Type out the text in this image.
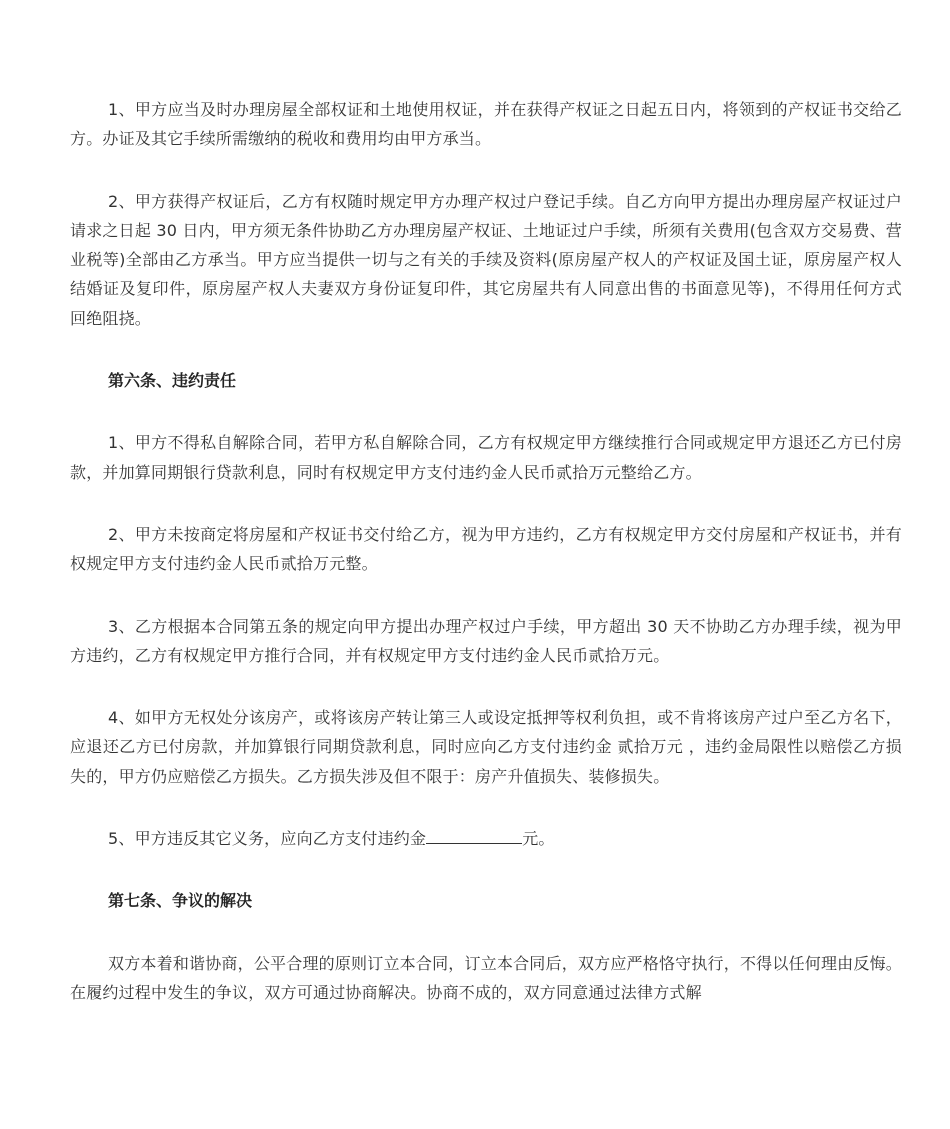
1、甲方应当及时办理房屋全部权证和土地使用权证，并在获得产权证之日起五日内，将领到的产权证书交给乙方。办证及其它手续所需缴纳的税收和费用均由甲方承当。

2、甲方获得产权证后，乙方有权随时规定甲方办理产权过户登记手续。自乙方向甲方提出办理房屋产权证过户请求之日起 30 日内，甲方须无条件协助乙方办理房屋产权证、土地证过户手续，所须有关费用(包含双方交易费、营业税等)全部由乙方承当。甲方应当提供一切与之有关的手续及资料(原房屋产权人的产权证及国土证，原房屋产权人结婚证及复印件，原房屋产权人夫妻双方身份证复印件，其它房屋共有人同意出售的书面意见等)，不得用任何方式回绝阻挠。

第六条、违约责任

1、甲方不得私自解除合同，若甲方私自解除合同，乙方有权规定甲方继续推行合同或规定甲方退还乙方已付房款，并加算同期银行贷款利息，同时有权规定甲方支付违约金人民币贰拾万元整给乙方。

2、甲方未按商定将房屋和产权证书交付给乙方，视为甲方违约，乙方有权规定甲方交付房屋和产权证书，并有权规定甲方支付违约金人民币贰拾万元整。

3、乙方根据本合同第五条的规定向甲方提出办理产权过户手续，甲方超出 30 天不协助乙方办理手续，视为甲方违约，乙方有权规定甲方推行合同，并有权规定甲方支付违约金人民币贰拾万元。

4、如甲方无权处分该房产，或将该房产转让第三人或设定抵押等权利负担，或不肯将该房产过户至乙方名下，应退还乙方已付房款，并加算银行同期贷款利息，同时应向乙方支付违约金 贰拾万元 ，违约金局限性以赔偿乙方损失的，甲方仍应赔偿乙方损失。乙方损失涉及但不限于：房产升值损失、装修损失。

5、甲方违反其它义务，应向乙方支付违约金	元。

第七条、争议的解决

双方本着和谐协商，公平合理的原则订立本合同，订立本合同后，双方应严格恪守执行，不得以任何理由反悔。在履约过程中发生的争议，双方可通过协商解决。协商不成的，双方同意通过法律方式解
